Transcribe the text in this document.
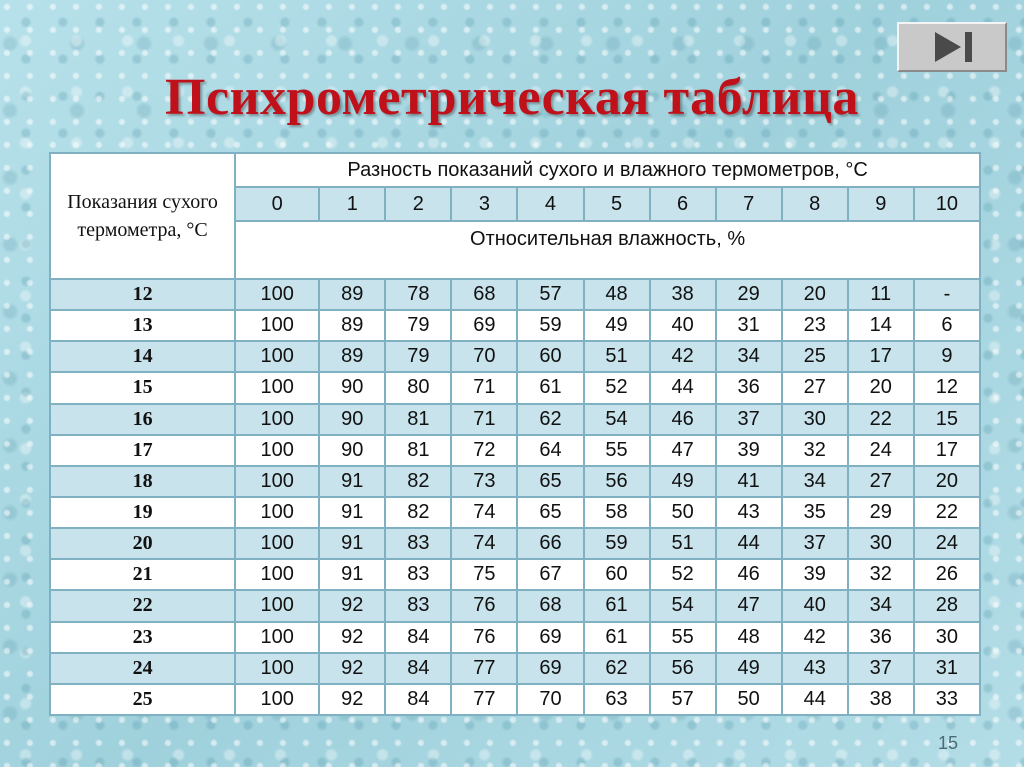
Психрометрическая таблица
Показания сухого термометра, °С	Разность показаний сухого и влажного термометров, °С										
	0	1	2	3	4	5	6	7	8	9	10
	Относительная влажность, %										
12	100	89	78	68	57	48	38	29	20	11	-
13	100	89	79	69	59	49	40	31	23	14	6
14	100	89	79	70	60	51	42	34	25	17	9
15	100	90	80	71	61	52	44	36	27	20	12
16	100	90	81	71	62	54	46	37	30	22	15
17	100	90	81	72	64	55	47	39	32	24	17
18	100	91	82	73	65	56	49	41	34	27	20
19	100	91	82	74	65	58	50	43	35	29	22
20	100	91	83	74	66	59	51	44	37	30	24
21	100	91	83	75	67	60	52	46	39	32	26
22	100	92	83	76	68	61	54	47	40	34	28
23	100	92	84	76	69	61	55	48	42	36	30
24	100	92	84	77	69	62	56	49	43	37	31
25	100	92	84	77	70	63	57	50	44	38	33
15
